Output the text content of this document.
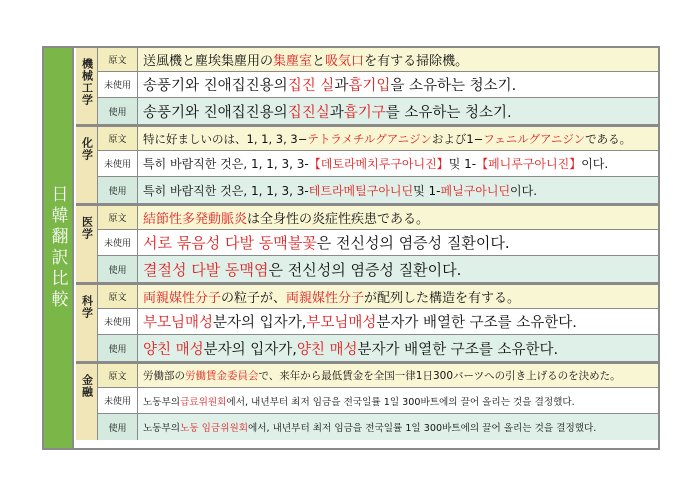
日韓翻訳比較
機械工学	原文	送風機と塵埃集塵用の 集塵室 と 吸気口 を有する掃除機。
未使用 송풍기와 진애집진용의 집진 실 과 흡기입 을 소유하는 청소기.
使用	송풍기와 진애집진용의 집진실 과 흡기구 를 소유하는 청소기.
化学	原文	特に好ましいのは、1, 1, 3, 3− テトラメチルグアニジン および1− フェニルグアニジン である。
未使用	특히 바람직한 것은, 1, 1, 3, 3- 【데토라메치루구아니진】 및 1- 【페니루구아니진】 이다.
使用	특히 바람직한 것은, 1, 1, 3, 3- 테트라메틸구아니딘 및 1- 페닐구아니딘 이다.
医学	原文	結節性多発動脈炎 は全身性の炎症性疾患である。
未使用 서로 묶음성 다발 동맥불꽃 은 전신성의 염증성 질환이다.
使用	결절성 다발 동맥염 은 전신성의 염증성 질환이다.
科学	原文	両親媒性分子 の粒子が、 両親媒性分子 が配列した構造を有する。
未使用 부모님매성 분자의 입자가, 부모님매성 분자가 배열한 구조를 소유한다.
使用	양친 매성 분자의 입자가, 양친 매성 분자가 배열한 구조를 소유한다.
金融	原文	労働部の 労働賃金委員会 で、来年から最低賃金を全国一律1日300バーツへの引き上げるのを決めた。
未使用	노동부의 급료위원회 에서, 내년부터 최저 임금을 전국일률 1일 300바트에의 끌어 올리는 것을 결정했다.
使用	노동부의 노동 임금위원회 에서, 내년부터 최저 임금을 전국일률 1일 300바트에의 끌어 올리는 것을 결정했다.
